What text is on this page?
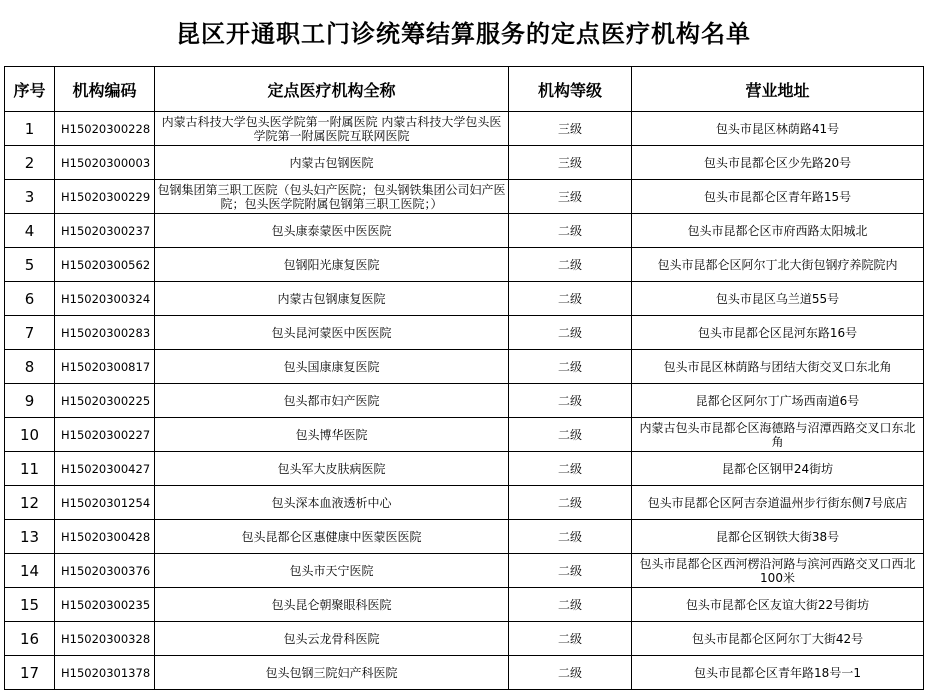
昆区开通职工门诊统筹结算服务的定点医疗机构名单
序号	机构编码	定点医疗机构全称	机构等级	营业地址
1	H15020300228	内蒙古科技大学包头医学院第一附属医院 内蒙古科技大学包头医学院第一附属医院互联网医院	三级	包头市昆区林荫路41号
2	H15020300003	内蒙古包钢医院	三级	包头市昆都仑区少先路20号
3	H15020300229	包钢集团第三职工医院（包头妇产医院；包头钢铁集团公司妇产医院；包头医学院附属包钢第三职工医院；）	三级	包头市昆都仑区青年路15号
4	H15020300237	包头康泰蒙医中医医院	二级	包头市昆都仑区市府西路太阳城北
5	H15020300562	包钢阳光康复医院	二级	包头市昆都仑区阿尔丁北大街包钢疗养院院内
6	H15020300324	内蒙古包钢康复医院	二级	包头市昆区乌兰道55号
7	H15020300283	包头昆河蒙医中医医院	二级	包头市昆都仑区昆河东路16号
8	H15020300817	包头国康康复医院	二级	包头市昆区林荫路与团结大街交叉口东北角
9	H15020300225	包头都市妇产医院	二级	昆都仑区阿尔丁广场西南道6号
10	H15020300227	包头博华医院	二级	内蒙古包头市昆都仑区海德路与沼潭西路交叉口东北角
11	H15020300427	包头军大皮肤病医院	二级	昆都仑区钢甲24街坊
12	H15020301254	包头深本血液透析中心	二级	包头市昆都仑区阿吉奈道温州步行街东侧7号底店
13	H15020300428	包头昆都仑区惠健康中医蒙医医院	二级	昆都仑区钢铁大街38号
14	H15020300376	包头市天宁医院	二级	包头市昆都仑区西河楞沿河路与滨河西路交叉口西北100米
15	H15020300235	包头昆仑朝聚眼科医院	二级	包头市昆都仑区友谊大街22号街坊
16	H15020300328	包头云龙骨科医院	二级	包头市昆都仑区阿尔丁大街42号
17	H15020301378	包头包钢三院妇产科医院	二级	包头市昆都仑区青年路18号一1
